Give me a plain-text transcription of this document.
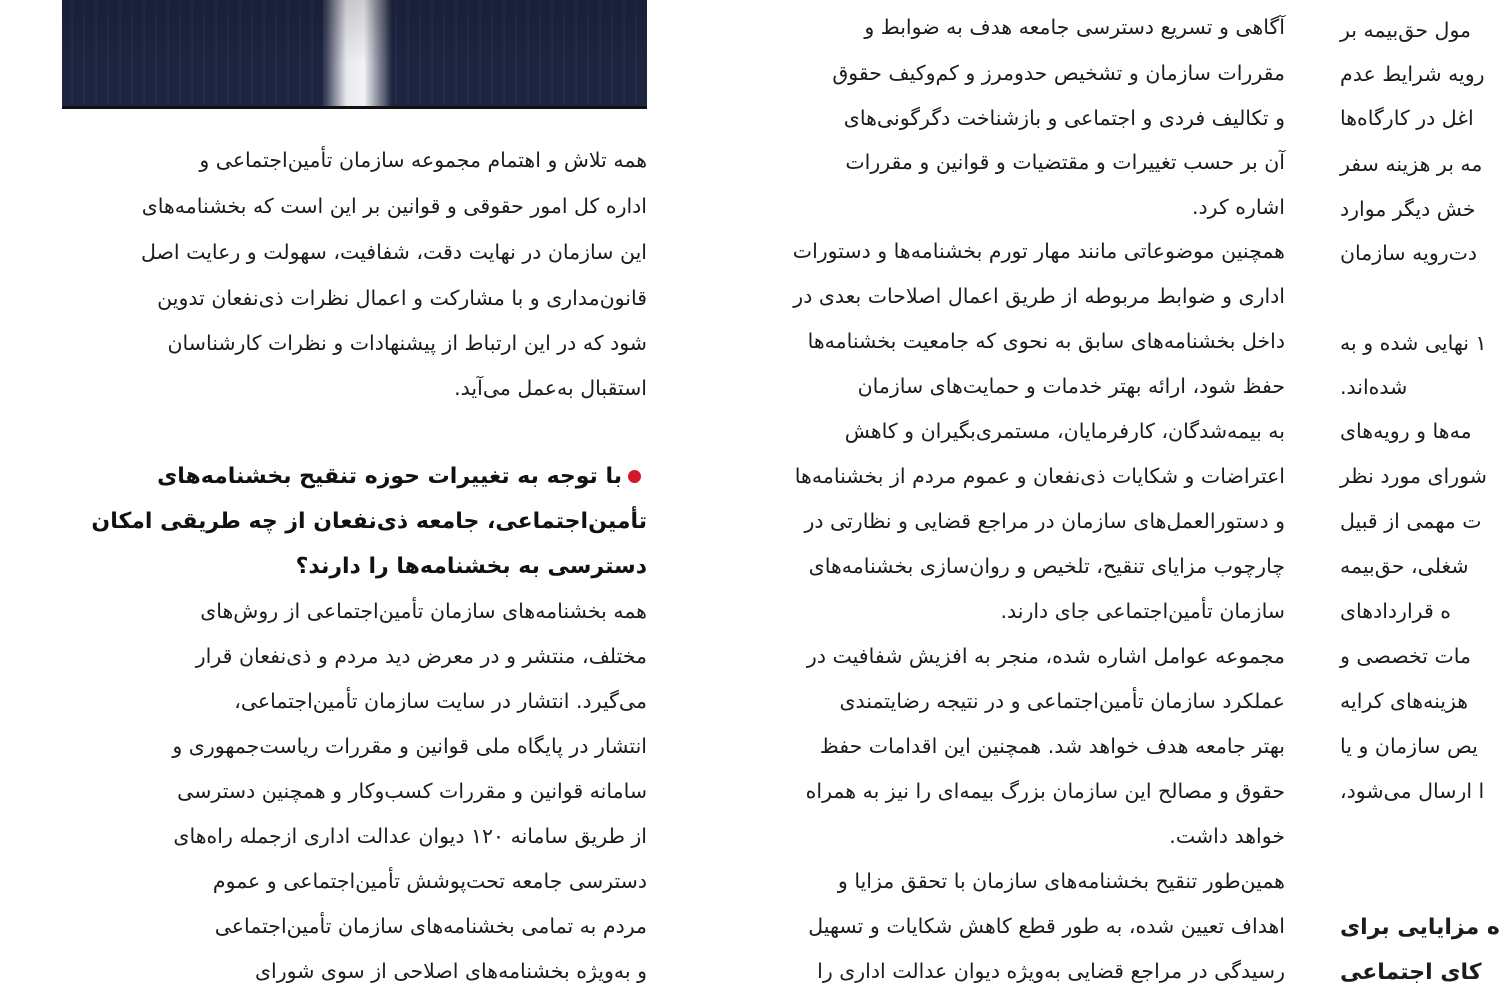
همه تلاش و اهتمام مجموعه سازمان تأمین‌اجتماعی و
اداره کل امور حقوقی و قوانین بر این است که بخشنامه‌های
این سازمان در نهایت دقت، شفافیت، سهولت و رعایت اصل
قانون‌مداری و با مشارکت و اعمال نظرات ذی‌نفعان تدوین
شود که در این ارتباط از پیشنهادات و نظرات کارشناسان
استقبال به‌عمل می‌آید.
با توجه به تغییرات حوزه تنقیح بخشنامه‌های
تأمین‌اجتماعی، جامعه ذی‌نفعان از چه طریقی امکان
دسترسی به بخشنامه‌ها را دارند؟
همه بخشنامه‌های سازمان تأمین‌اجتماعی از روش‌های
مختلف، منتشر و در معرض دید مردم و ذی‌نفعان قرار
می‌گیرد. انتشار در سایت سازمان تأمین‌اجتماعی،
انتشار در پایگاه ملی قوانین و مقررات ریاست‌جمهوری و
سامانه قوانین و مقررات کسب‌وکار و همچنین دسترسی
از طریق سامانه ۱۲۰ دیوان عدالت اداری از‌جمله راه‌های
دسترسی جامعه تحت‌پوشش تأمین‌اجتماعی و عموم
مردم به تمامی بخشنامه‌های سازمان تأمین‌اجتماعی
و به‌ویژه بخشنامه‌های اصلاحی از سوی شورای
آگاهی و تسریع دسترسی جامعه هدف به ضوابط و
مقررات سازمان و تشخیص حدومرز و کم‌وکیف حقوق
و تکالیف فردی و اجتماعی و بازشناخت دگرگونی‌های
آن بر حسب تغییرات و مقتضیات و قوانین و مقررات
اشاره کرد.
همچنین موضوعاتی مانند مهار تورم بخشنامه‌ها و دستورات
اداری و ضوابط مربوطه از طریق اعمال اصلاحات بعدی در
داخل بخشنامه‌های سابق به نحوی که جامعیت بخشنامه‌ها
حفظ شود، ارائه بهتر خدمات و حمایت‌های سازمان
به بیمه‌شدگان، کارفرمایان، مستمری‌بگیران و کاهش
اعتراضات و شکایات ذی‌نفعان و عموم مردم از بخشنامه‌ها
و دستورالعمل‌های سازمان در مراجع قضایی و نظارتی در
چارچوب مزایای تنقیح، تلخیص و روان‌سازی بخشنامه‌های
سازمان تأمین‌اجتماعی جای دارند.
مجموعه عوامل اشاره شده، منجر به افزیش شفافیت در
عملکرد سازمان تأمین‌اجتماعی و در نتیجه رضایتمندی
بهتر جامعه هدف خواهد شد. همچنین این اقدامات حفظ
حقوق و مصالح این سازمان بزرگ بیمه‌ای را نیز به همراه
خواهد داشت.
همین‌طور تنقیح بخشنامه‌های سازمان با تحقق مزایا و
اهداف تعیین شده، به طور قطع کاهش شکایات و تسهیل
رسیدگی در مراجع قضایی به‌ویژه دیوان عدالت اداری را
مول حق‌بیمه بر
رویه شرایط عدم
اغل در کارگاه‌ها
مه بر هزینه سفر
خش دیگر موارد
دت‌رویه سازمان
۱ نهایی شده و به
شده‌اند.
مه‌ها و رویه‌های
شورای مورد نظر
ت مهمی از قبیل
شغلی، حق‌بیمه
ه قراردادهای
مات تخصصی و
هزینه‌های کرایه
یص سازمان و یا
ا ارسال می‌شود،
ه مزایایی برای
کای اجتماعی
